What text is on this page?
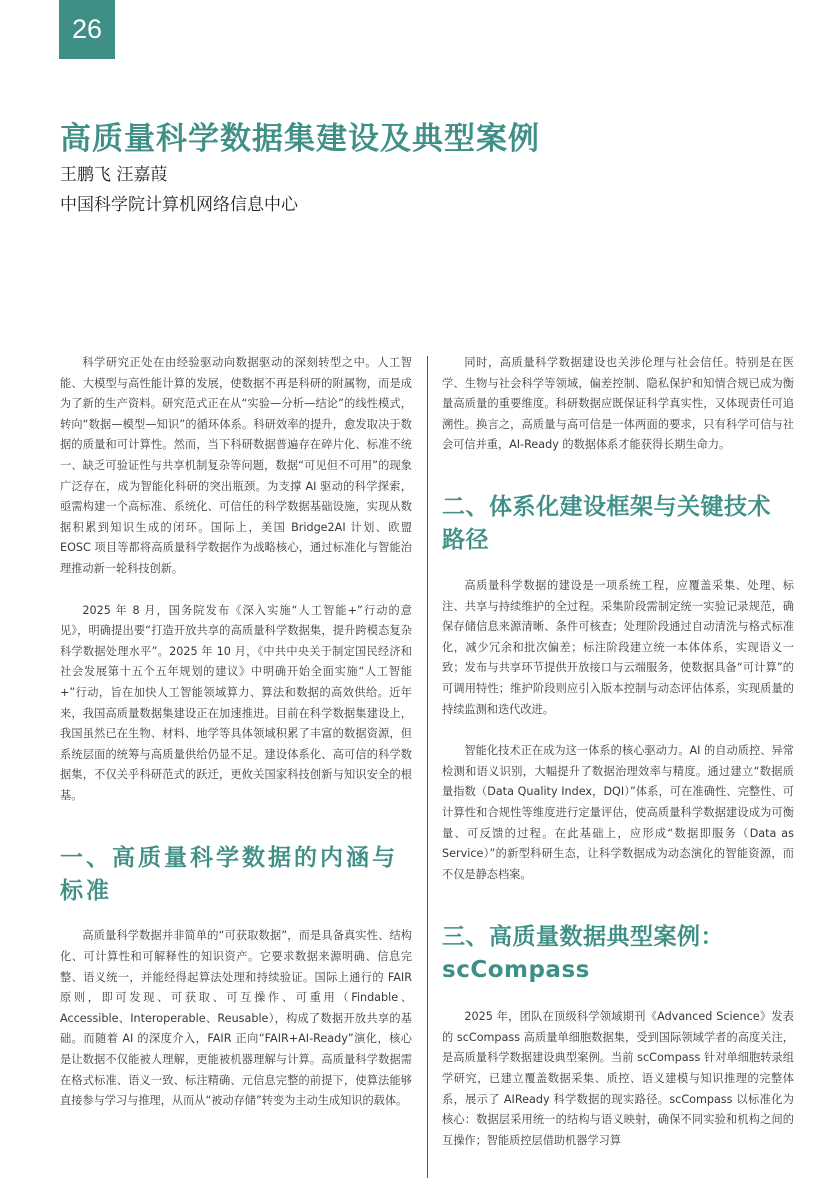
26
高质量科学数据集建设及典型案例

王鹏飞 汪嘉葭

中国科学院计算机网络信息中心

科学研究正处在由经验驱动向数据驱动的深刻转型之中。人工智能、大模型与高性能计算的发展，使数据不再是科研的附属物，而是成为了新的生产资料。研究范式正在从“实验—分析—结论”的线性模式，转向“数据—模型—知识”的循环体系。科研效率的提升，愈发取决于数据的质量和可计算性。然而，当下科研数据普遍存在碎片化、标准不统一、缺乏可验证性与共享机制复杂等问题，数据“可见但不可用”的现象广泛存在，成为智能化科研的突出瓶颈。为支撑 AI 驱动的科学探索，亟需构建一个高标准、系统化、可信任的科学数据基础设施，实现从数据积累到知识生成的闭环。国际上，美国 Bridge2AI 计划、欧盟 EOSC 项目等都将高质量科学数据作为战略核心，通过标准化与智能治理推动新一轮科技创新。

2025 年 8 月，国务院发布《深入实施“人工智能+”行动的意见》，明确提出要“打造开放共享的高质量科学数据集，提升跨模态复杂科学数据处理水平”。2025 年 10 月，《中共中央关于制定国民经济和社会发展第十五个五年规划的建议》中明确开始全面实施“人工智能+”行动，旨在加快人工智能领域算力、算法和数据的高效供给。近年来，我国高质量数据集建设正在加速推进。目前在科学数据集建设上，我国虽然已在生物、材料、地学等具体领域积累了丰富的数据资源，但系统层面的统筹与高质量供给仍显不足。建设体系化、高可信的科学数据集，不仅关乎科研范式的跃迁，更攸关国家科技创新与知识安全的根基。

一、高质量科学数据的内涵与标准

高质量科学数据并非简单的“可获取数据”，而是具备真实性、结构化、可计算性和可解释性的知识资产。它要求数据来源明确、信息完整、语义统一，并能经得起算法处理和持续验证。国际上通行的 FAIR 原则，即可发现、可获取、可互操作、可重用（Findable、Accessible、Interoperable、Reusable），构成了数据开放共享的基础。而随着 AI 的深度介入，FAIR 正向“FAIR+AI-Ready”演化，核心是让数据不仅能被人理解，更能被机器理解与计算。高质量科学数据需在格式标准、语义一致、标注精确、元信息完整的前提下，使算法能够直接参与学习与推理，从而从“被动存储”转变为主动生成知识的载体。

同时，高质量科学数据建设也关涉伦理与社会信任。特别是在医学、生物与社会科学等领域，偏差控制、隐私保护和知情合规已成为衡量高质量的重要维度。科研数据应既保证科学真实性，又体现责任可追溯性。换言之，高质量与高可信是一体两面的要求，只有科学可信与社会可信并重，AI-Ready 的数据体系才能获得长期生命力。

二、体系化建设框架与关键技术路径

高质量科学数据的建设是一项系统工程，应覆盖采集、处理、标注、共享与持续维护的全过程。采集阶段需制定统一实验记录规范，确保存储信息来源清晰、条件可核查；处理阶段通过自动清洗与格式标准化，减少冗余和批次偏差；标注阶段建立统一本体体系，实现语义一致；发布与共享环节提供开放接口与云端服务，使数据具备“可计算”的可调用特性；维护阶段则应引入版本控制与动态评估体系，实现质量的持续监测和迭代改进。

智能化技术正在成为这一体系的核心驱动力。AI 的自动质控、异常检测和语义识别，大幅提升了数据治理效率与精度。通过建立“数据质量指数（Data Quality Index，DQI）”体系，可在准确性、完整性、可计算性和合规性等维度进行定量评估，使高质量科学数据建设成为可衡量、可反馈的过程。在此基础上，应形成“数据即服务（Data as Service）”的新型科研生态，让科学数据成为动态演化的智能资源，而不仅是静态档案。

三、高质量数据典型案例：scCompass

2025 年，团队在顶级科学领域期刊《Advanced Science》发表的 scCompass 高质量单细胞数据集，受到国际领域学者的高度关注，是高质量科学数据建设典型案例。当前 scCompass 针对单细胞转录组学研究，已建立覆盖数据采集、质控、语义建模与知识推理的完整体系，展示了 AIReady 科学数据的现实路径。scCompass 以标准化为核心：数据层采用统一的结构与语义映射，确保不同实验和机构之间的互操作；智能质控层借助机器学习算
